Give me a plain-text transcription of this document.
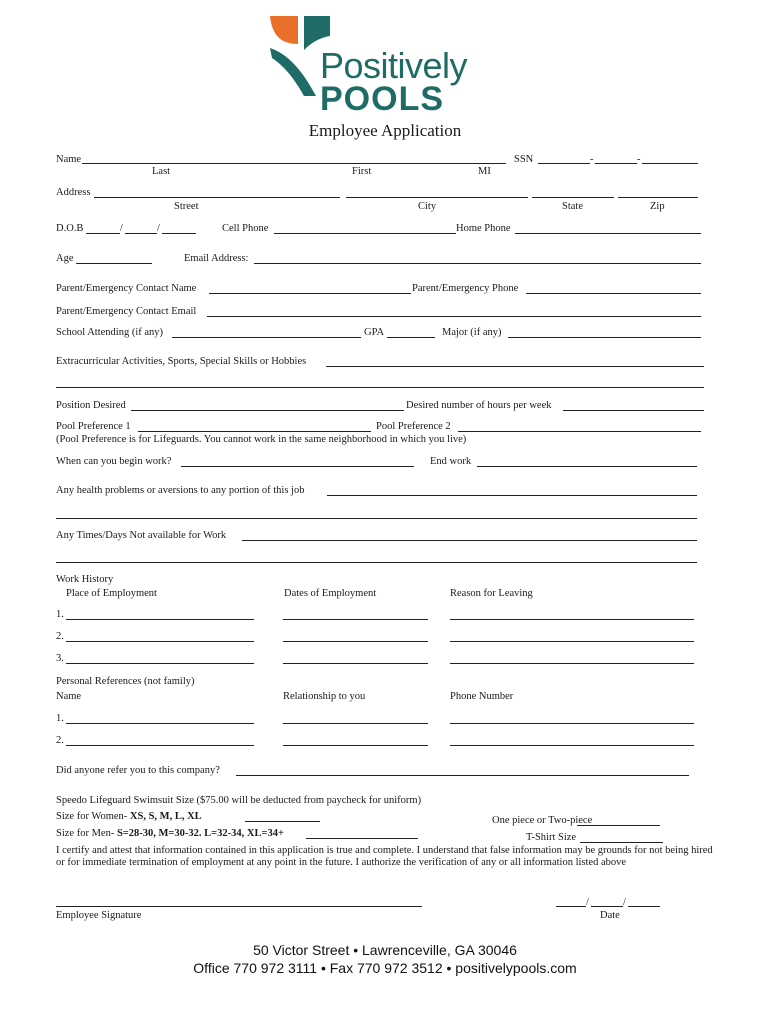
Positively
POOLS
Employee Application
Name	SSN	-	-
Last	First	MI
Address
Street	City	State	Zip
D.O.B	/	/	Cell Phone	Home Phone
Age	Email Address:
Parent/Emergency Contact Name	Parent/Emergency Phone
Parent/Emergency Contact Email
School Attending (if any)	GPA	Major (if any)
Extracurricular Activities, Sports, Special Skills or Hobbies
Position Desired	Desired number of hours per week
Pool Preference 1	Pool Preference 2
(Pool Preference is for Lifeguards. You cannot work in the same neighborhood in which you live)
When can you begin work?	End work
Any health problems or aversions to any portion of this job
Any Times/Days Not available for Work
Work History
Place of Employment	Dates of Employment	Reason for Leaving
1.
2.
3.
Personal References (not family)
Name	Relationship to you	Phone Number
1.
2.
Did anyone refer you to this company?
Speedo Lifeguard Swimsuit Size ($75.00 will be deducted from paycheck for uniform)
Size for Women- XS, S, M, L, XL	One piece or Two-piece
Size for Men- S=28-30, M=30-32. L=32-34, XL=34+	T-Shirt Size
I certify and attest that information contained in this application is true and complete. I understand that false information may be grounds for not being hired or for immediate termination of employment at any point in the future. I authorize the verification of any or all information listed above
Employee Signature
/	/
Date
50 Victor Street • Lawrenceville, GA 30046
Office 770 972 3111 • Fax 770 972 3512 • positivelypools.com
